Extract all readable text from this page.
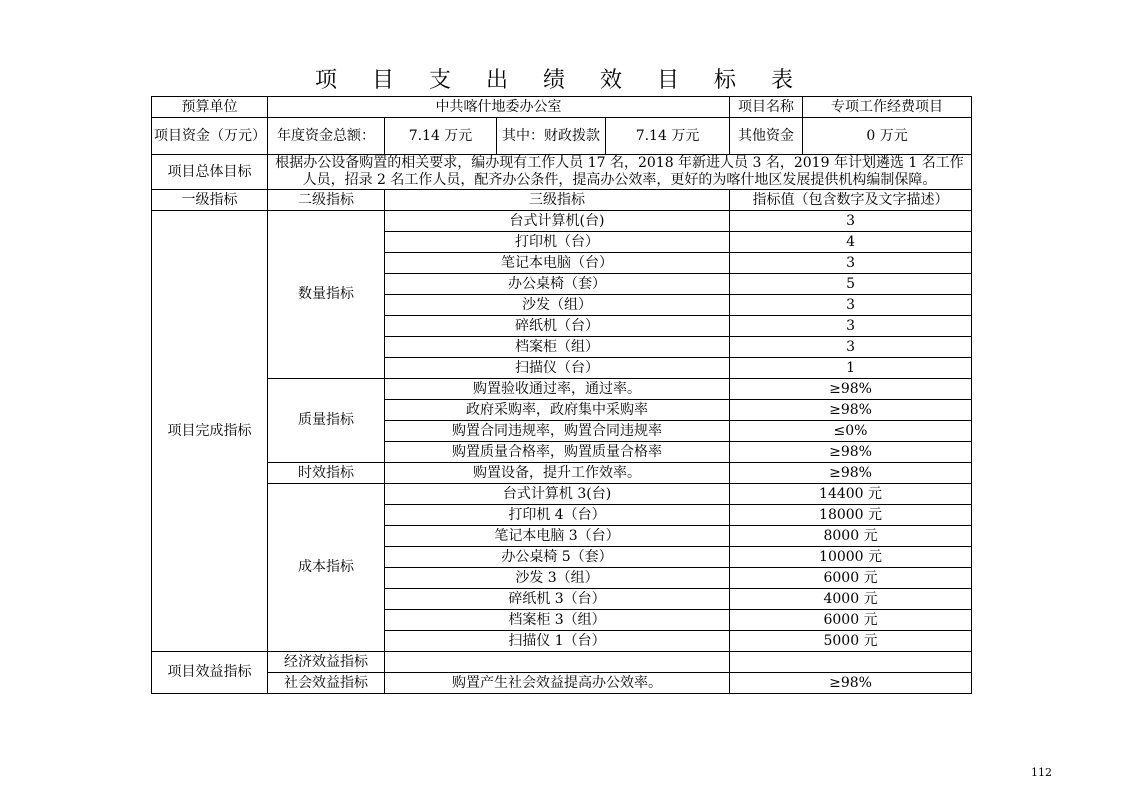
项 目 支 出 绩 效 目 标 表
预算单位	中共喀什地委办公室			项目名称	专项工作经费项目
项目资金（万元）	年度资金总额：	7.14 万元	其中：财政拨款 7.14 万元	其他资金	0 万元
项目总体目标	根据办公设备购置的相关要求，编办现有工作人员 17 名，2018 年新进人员 3 名，2019 年计划遴选 1 名工作人员，招录 2 名工作人员，配齐办公条件，提高办公效率，更好的为喀什地区发展提供机构编制保障。				
一级指标	二级指标	三级指标		指标值（包含数字及文字描述）	
项目完成指标	数量指标	台式计算机(台)		3	
		打印机（台）		4	
		笔记本电脑（台）		3	
		办公桌椅（套）		5	
		沙发（组）		3	
		碎纸机（台）		3	
		档案柜（组）		3	
		扫描仪（台）		1	
	质量指标	购置验收通过率，通过率。		≥98%	
		政府采购率，政府集中采购率		≥98%	
		购置合同违规率，购置合同违规率		≤0%	
		购置质量合格率，购置质量合格率		≥98%	
	时效指标	购置设备，提升工作效率。		≥98%	
	成本指标	台式计算机 3(台)		14400 元	
		打印机 4（台）		18000 元	
		笔记本电脑 3（台）		8000 元	
		办公桌椅 5（套）		10000 元	
		沙发 3（组）		6000 元	
		碎纸机 3（台）		4000 元	
		档案柜 3（组）		6000 元	
		扫描仪 1（台）		5000 元	
项目效益指标	经济效益指标				
	社会效益指标	购置产生社会效益提高办公效率。		≥98%	
112
